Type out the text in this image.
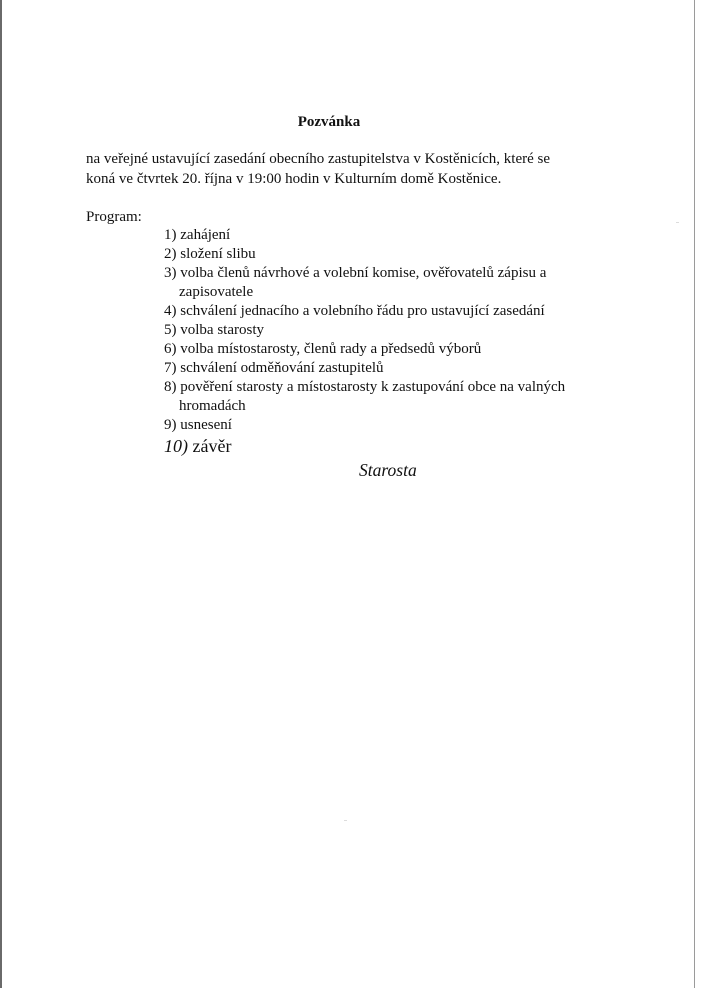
Pozvánka
na veřejné ustavující zasedání obecního zastupitelstva v Kostěnicích, které se
koná ve čtvrtek 20. října v 19:00 hodin v Kulturním domě Kostěnice.
Program:
1) zahájení
2) složení slibu
3) volba členů návrhové a volební komise, ověřovatelů zápisu a
zapisovatele
4) schválení jednacího a volebního řádu pro ustavující zasedání
5) volba starosty
6) volba místostarosty, členů rady a předsedů výborů
7) schválení odměňování zastupitelů
8) pověření starosty a místostarosty k zastupování obce na valných
hromadách
9) usnesení
10) závěr
Starosta
